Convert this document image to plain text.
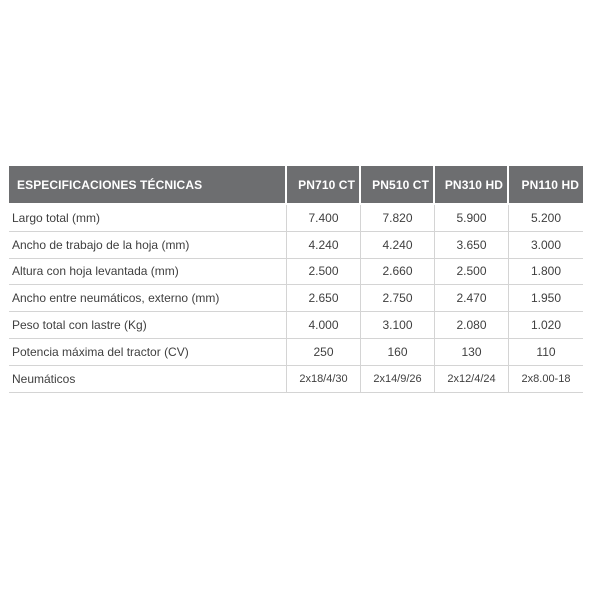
ESPECIFICACIONES TÉCNICAS	PN710 CT	PN510 CT	PN310 HD	PN110 HD
Largo total (mm)	7.400	7.820	5.900	5.200
Ancho de trabajo de la hoja (mm)	4.240	4.240	3.650	3.000
Altura con hoja levantada (mm)	2.500	2.660	2.500	1.800
Ancho entre neumáticos, externo (mm)	2.650	2.750	2.470	1.950
Peso total con lastre (Kg)	4.000	3.100	2.080	1.020
Potencia máxima del tractor (CV)	250	160	130	110
Neumáticos	2x18/4/30	2x14/9/26	2x12/4/24	2x8.00-18
